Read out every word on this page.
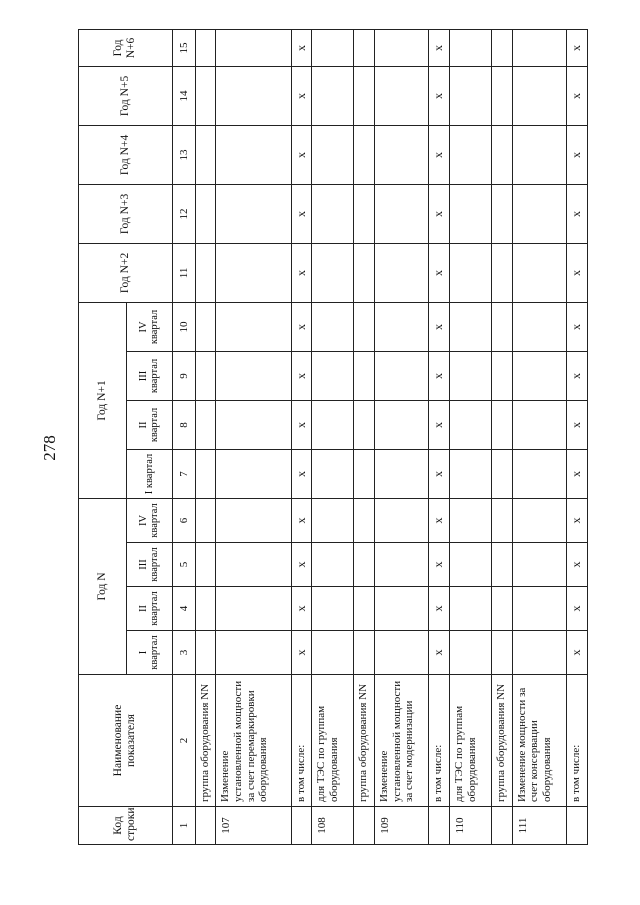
278
Код строки	Наименование показателя	Год N				Год N+1				Год N+2	Год N+3	Год N+4	Год N+5	Год N+6
		I квартал	II квартал	III квартал	IV квартал	I квартал	II квартал	III квартал	IV квартал					
1	2	3	4	5	6	7	8	9	10	11	12	13	14	15
	группа оборудования NN													
107	Изменение установленной мощности за счет перемаркировки оборудования													
	в том числе:	x	x	x	x	x	x	x	x	x	x	x	x	x
108	для ТЭС по группам оборудования													
	группа оборудования NN													
109	Изменение установленной мощности за счет модернизации													
	в том числе:	x	x	x	x	x	x	x	x	x	x	x	x	x
110	для ТЭС по группам оборудования													
	группа оборудования NN													
111	Изменение мощности за счет консервации оборудования													
	в том числе:	x	x	x	x	x	x	x	x	x	x	x	x	x
